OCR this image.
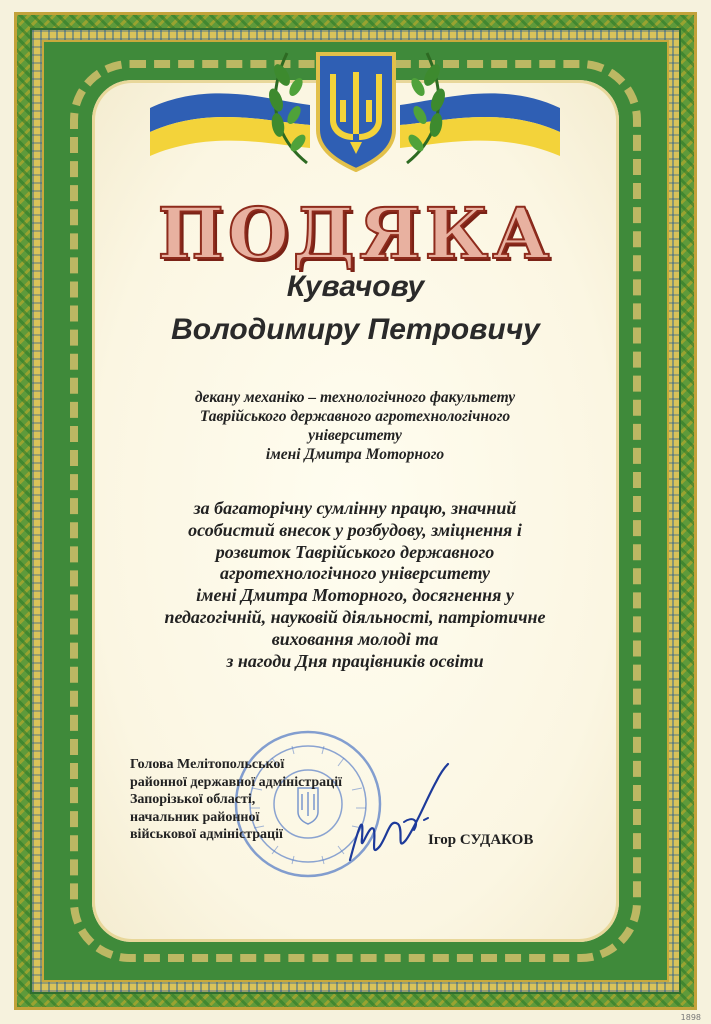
ПОДЯКА
Кувачову
Володимиру Петровичу
декану механіко – технологічного факультету
Таврійського державного агротехнологічного
університету
імені Дмитра Моторного
за багаторічну сумлінну працю, значний
особистий внесок у розбудову, зміцнення і
розвиток Таврійського державного
агротехнологічного університету
імені Дмитра Моторного, досягнення у
педагогічній, науковій діяльності, патріотичне
виховання молоді та
з нагоди Дня працівників освіти
Голова Мелітопольської
районної державної адміністрації
Запорізької області,
начальник районної
військової адміністрації	Ігор СУДАКОВ
1898
